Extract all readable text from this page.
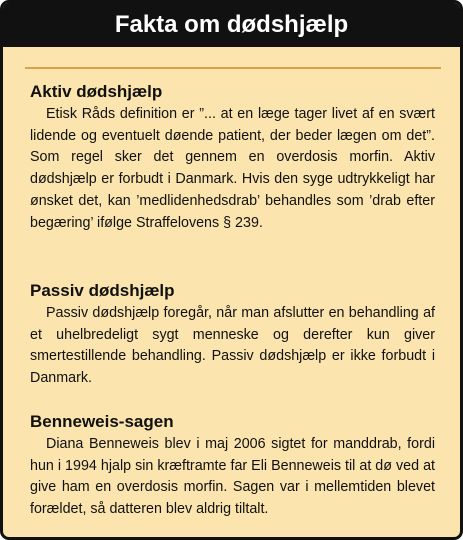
Fakta om dødshjælp
Aktiv dødshjælp

Etisk Råds definition er ”... at en læge tager livet af en svært lidende og eventuelt døende patient, der beder lægen om det”. Som regel sker det gennem en overdosis morfin. Aktiv dødshjælp er forbudt i Danmark. Hvis den syge udtrykkeligt har ønsket det, kan ’medlidenhedsdrab’ behandles som ’drab efter begæring’ ifølge Straffelovens § 239.

Passiv dødshjælp

Passiv dødshjælp foregår, når man afslutter en behandling af et uhelbredeligt sygt menneske og derefter kun giver smertestillende behandling. Passiv dødshjælp er ikke forbudt i Danmark.

Benneweis-sagen

Diana Benneweis blev i maj 2006 sigtet for manddrab, fordi hun i 1994 hjalp sin kræftramte far Eli Benneweis til at dø ved at give ham en overdosis morfin. Sagen var i mellemtiden blevet forældet, så datteren blev aldrig tiltalt.
